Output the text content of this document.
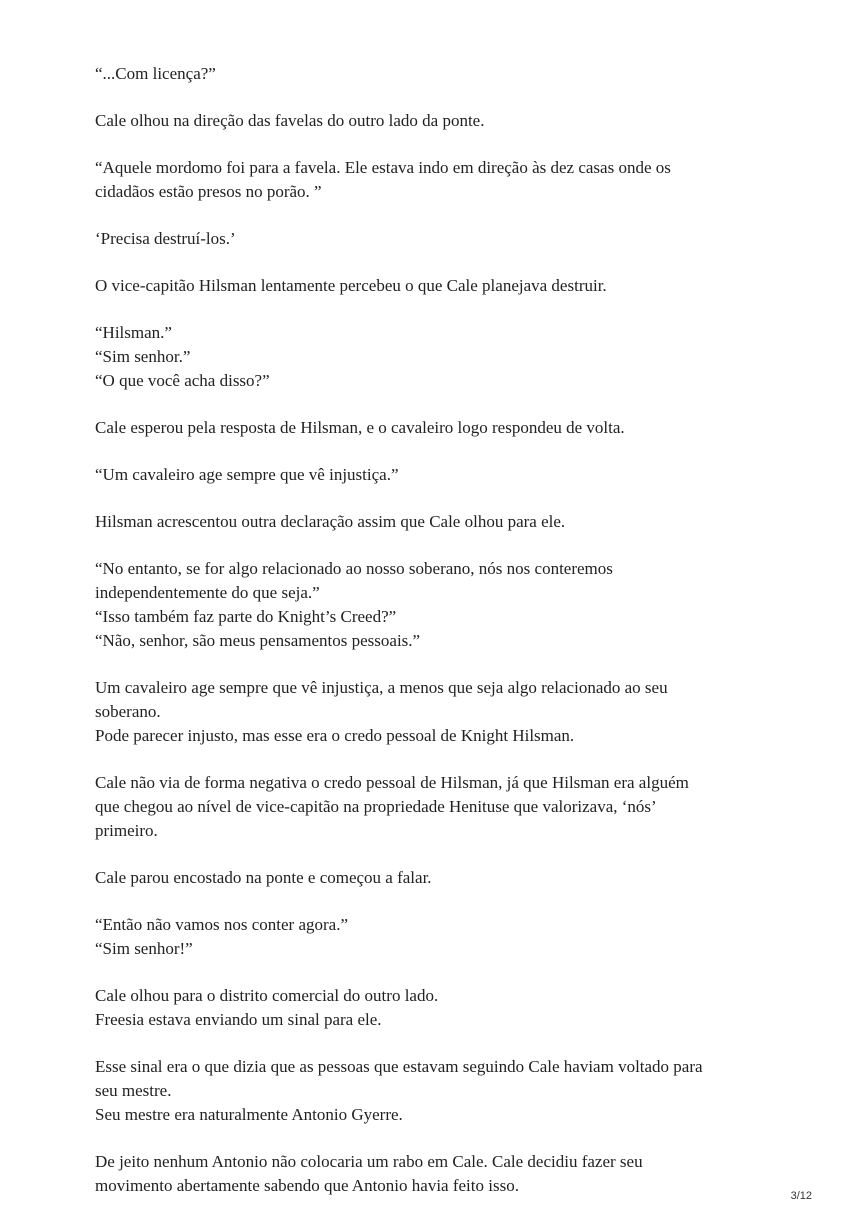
“...Com licença?”

Cale olhou na direção das favelas do outro lado da ponte.

“Aquele mordomo foi para a favela. Ele estava indo em direção às dez casas onde os
cidadãos estão presos no porão. ”

‘Precisa destruí-los.’

O vice-capitão Hilsman lentamente percebeu o que Cale planejava destruir.

“Hilsman.”
“Sim senhor.”
“O que você acha disso?”

Cale esperou pela resposta de Hilsman, e o cavaleiro logo respondeu de volta.

“Um cavaleiro age sempre que vê injustiça.”

Hilsman acrescentou outra declaração assim que Cale olhou para ele.

“No entanto, se for algo relacionado ao nosso soberano, nós nos conteremos
independentemente do que seja.”
“Isso também faz parte do Knight’s Creed?”
“Não, senhor, são meus pensamentos pessoais.”

Um cavaleiro age sempre que vê injustiça, a menos que seja algo relacionado ao seu
soberano.
Pode parecer injusto, mas esse era o credo pessoal de Knight Hilsman.

Cale não via de forma negativa o credo pessoal de Hilsman, já que Hilsman era alguém
que chegou ao nível de vice-capitão na propriedade Henituse que valorizava, ‘nós’
primeiro.

Cale parou encostado na ponte e começou a falar.

“Então não vamos nos conter agora.”
“Sim senhor!”

Cale olhou para o distrito comercial do outro lado.
Freesia estava enviando um sinal para ele.

Esse sinal era o que dizia que as pessoas que estavam seguindo Cale haviam voltado para
seu mestre.
Seu mestre era naturalmente Antonio Gyerre.

De jeito nenhum Antonio não colocaria um rabo em Cale. Cale decidiu fazer seu
movimento abertamente sabendo que Antonio havia feito isso.

3/12
